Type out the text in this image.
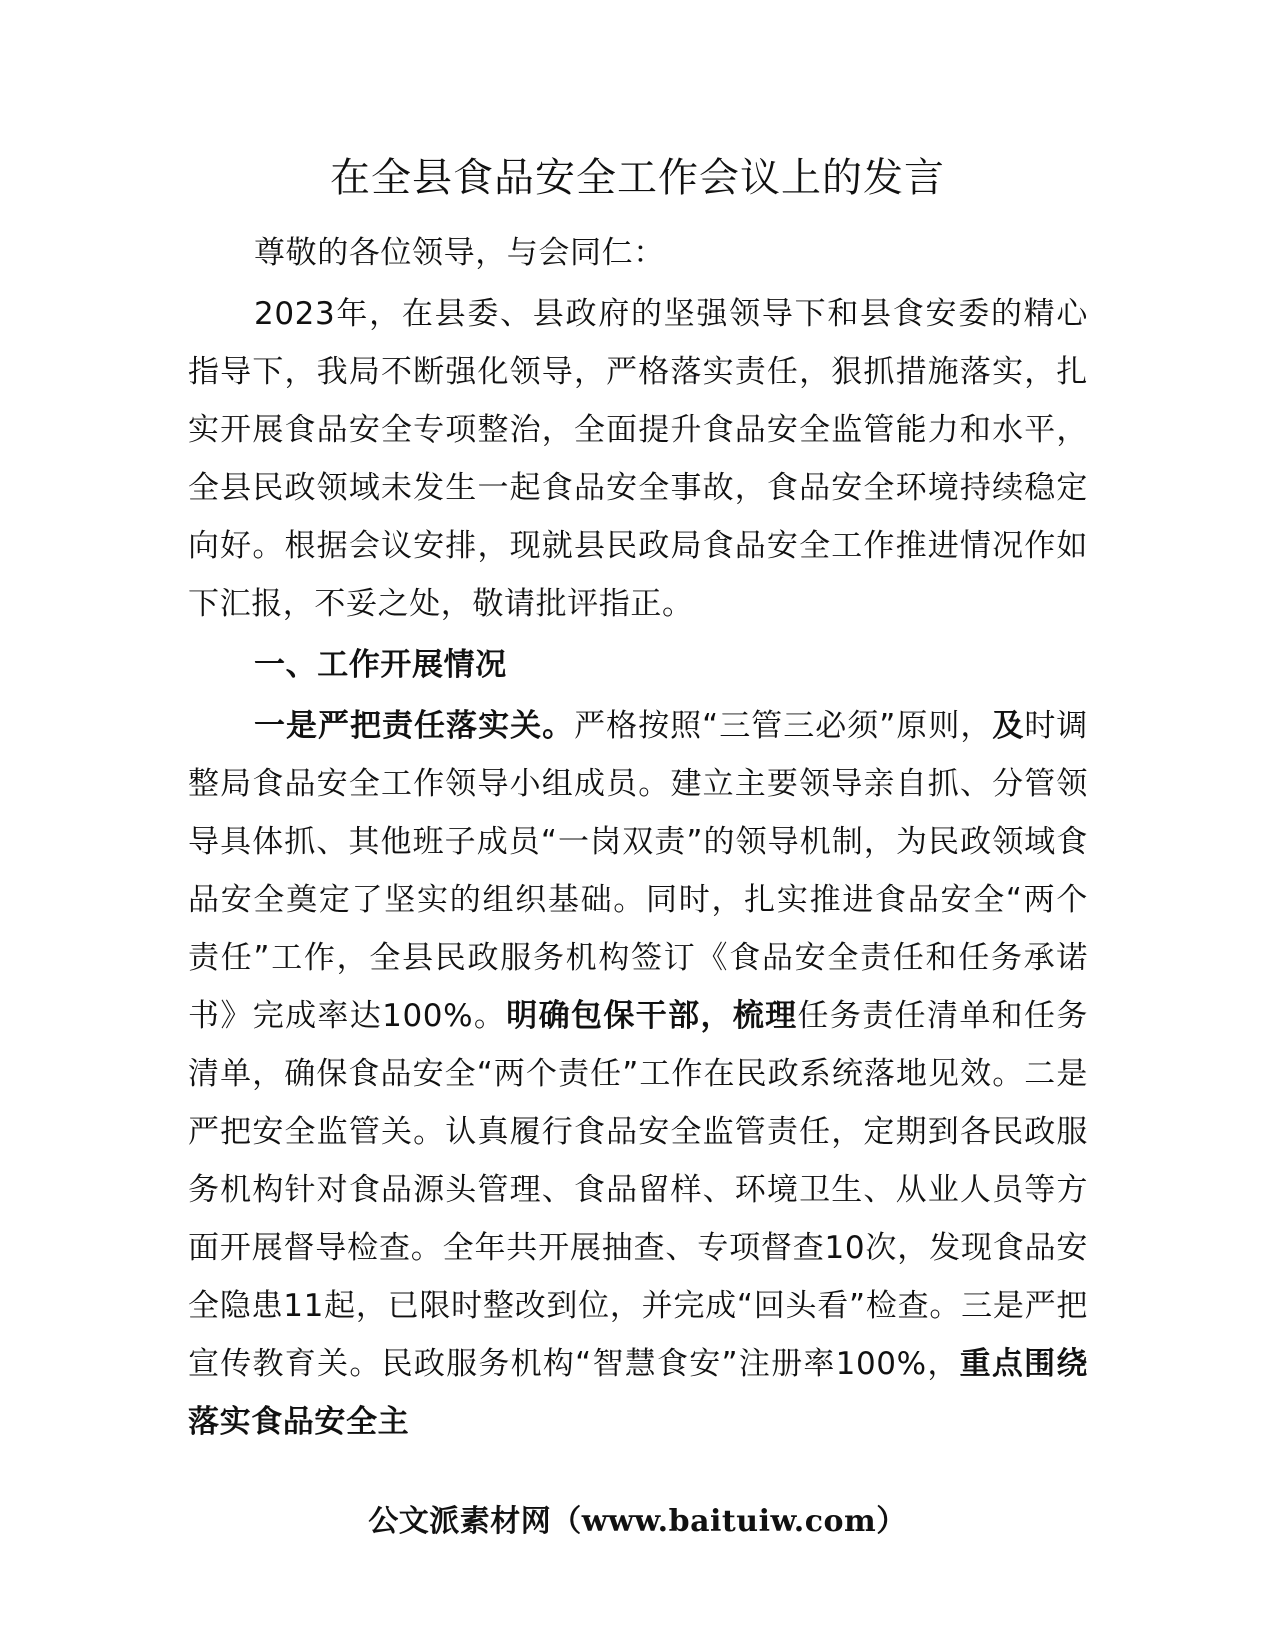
在全县食品安全工作会议上的发言

尊敬的各位领导，与会同仁：

2023年，在县委、县政府的坚强领导下和县食安委的精心指导下，我局不断强化领导，严格落实责任，狠抓措施落实，扎实开展食品安全专项整治，全面提升食品安全监管能力和水平，全县民政领域未发生一起食品安全事故，食品安全环境持续稳定向好。根据会议安排，现就县民政局食品安全工作推进情况作如下汇报，不妥之处，敬请批评指正。

一、工作开展情况

一是严把责任落实关。严格按照“三管三必须”原则，及时调整局食品安全工作领导小组成员。建立主要领导亲自抓、分管领导具体抓、其他班子成员“一岗双责”的领导机制，为民政领域食品安全奠定了坚实的组织基础。同时，扎实推进食品安全“两个责任”工作，全县民政服务机构签订《食品安全责任和任务承诺书》完成率达100%。明确包保干部，梳理任务责任清单和任务清单，确保食品安全“两个责任”工作在民政系统落地见效。二是严把安全监管关。认真履行食品安全监管责任，定期到各民政服务机构针对食品源头管理、食品留样、环境卫生、从业人员等方面开展督导检查。全年共开展抽查、专项督查10次，发现食品安全隐患11起，已限时整改到位，并完成“回头看”检查。三是严把宣传教育关。民政服务机构“智慧食安”注册率100%，重点围绕落实食品安全主

公文派素材网（www.baituiw.com）
